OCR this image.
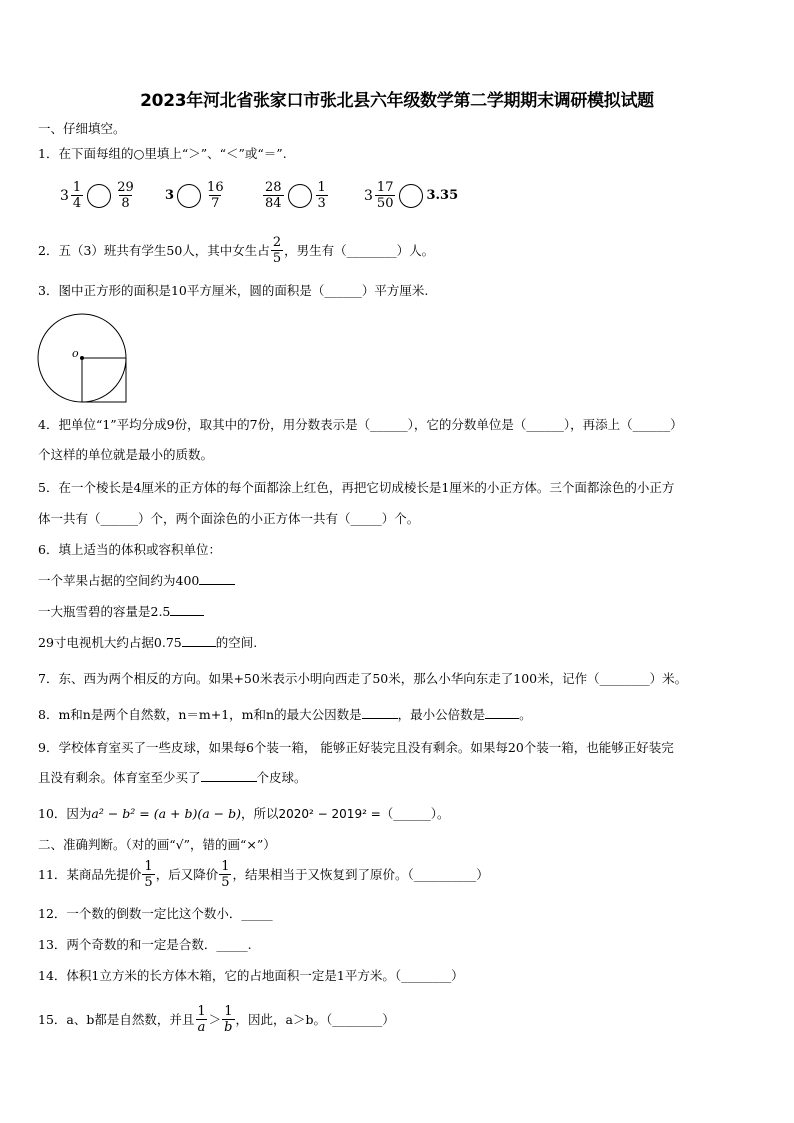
2023年河北省张家口市张北县六年级数学第二学期期末调研模拟试题
一、仔细填空。
1．在下面每组的○里填上“＞”、“＜”或“＝”.
$3 \frac{1}{4} \frac{29}{8} 3 \frac{16}{7}$	$\frac{28}{84} \frac{1}{3}$	$3 \frac{17}{50} 3.35$
2．五（3）班共有学生50人，其中女生占 $\frac{2}{5}$ ，男生有（________）人。
3．图中正方形的面积是10平方厘米，圆的面积是（______）平方厘米.
o
4．把单位“1”平均分成9份，取其中的7份，用分数表示是（______），它的分数单位是（______），再添上（______）
个这样的单位就是最小的质数。
5．在一个棱长是4厘米的正方体的每个面都涂上红色，再把它切成棱长是1厘米的小正方体。三个面都涂色的小正方
体一共有（______）个，两个面涂色的小正方体一共有（_____）个。
6．填上适当的体积或容积单位：
一个苹果占据的空间约为400
一大瓶雪碧的容量是2.5
29寸电视机大约占据0.75	的空间.
7．东、西为两个相反的方向。如果+50米表示小明向西走了50米，那么小华向东走了100米，记作（________）米。
8．m和n是两个自然数，n＝m+1，m和n的最大公因数是	，最小公倍数是	。
9．学校体育室买了一些皮球，如果每6个装一箱， 能够正好装完且没有剩余。如果每20个装一箱，也能够正好装完
且没有剩余。体育室至少买了	个皮球。
10．因为a² − b² = (a + b)(a − b)，所以2020² − 2019² =（______）。
二、准确判断。（对的画“√”，错的画“×”）
11．某商品先提价 $\frac{1}{5}$ ，后又降价 $\frac{1}{5}$ ，结果相当于又恢复到了原价。（__________）
12．一个数的倒数一定比这个数小．_____
13．两个奇数的和一定是合数．_____.
14．体积1立方米的长方体木箱，它的占地面积一定是1平方米。（________）
15．a、b都是自然数，并且 $\frac{1}{a} > \frac{1}{b}$ ，因此，a＞b。（________）
